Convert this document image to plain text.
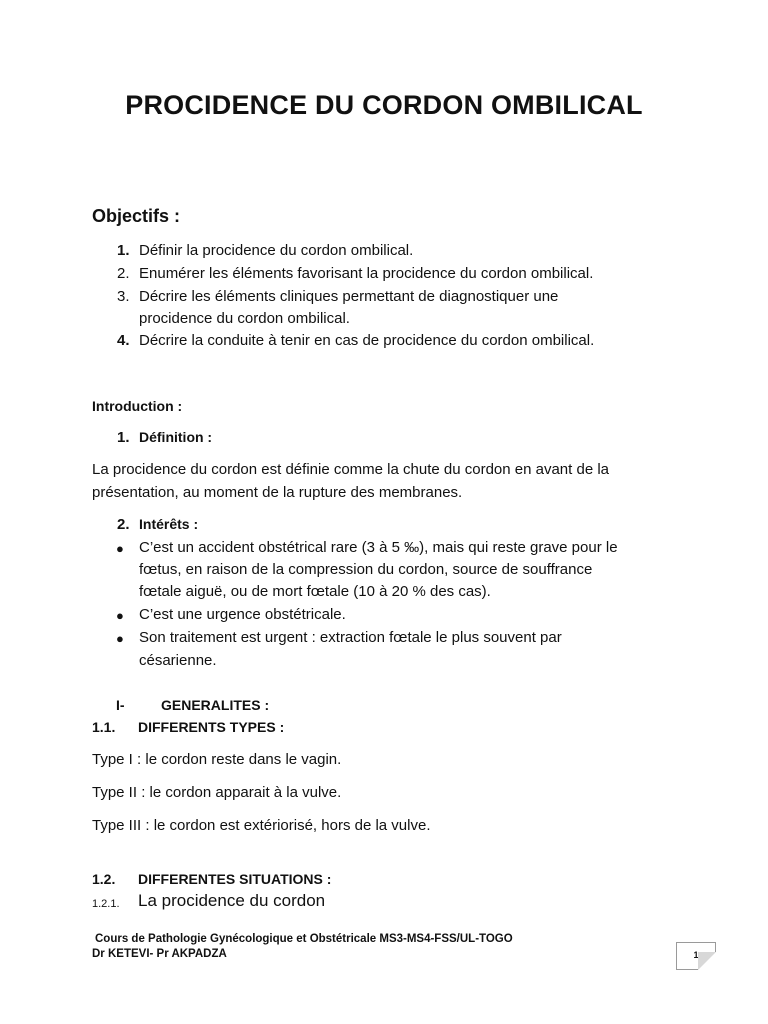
PROCIDENCE DU CORDON OMBILICAL
Objectifs :
1. Définir la procidence du cordon ombilical.
2. Enumérer les éléments favorisant la procidence du cordon ombilical.
3. Décrire les éléments cliniques permettant de diagnostiquer une
procidence du cordon ombilical.
4. Décrire la conduite à tenir en cas de procidence du cordon ombilical.
Introduction :
1. Définition :
La procidence du cordon est définie comme la chute du cordon en avant de la
présentation, au moment de la rupture des membranes.
2. Intérêts :
● C’est un accident obstétrical rare (3 à 5 ‰), mais qui reste grave pour le
fœtus, en raison de la compression du cordon, source de souffrance
fœtale aiguë, ou de mort fœtale (10 à 20 % des cas).
● C’est une urgence obstétricale.
● Son traitement est urgent : extraction fœtale le plus souvent par
césarienne.
I-	GENERALITES :
1.1. DIFFERENTS TYPES :
Type I : le cordon reste dans le vagin.
Type II : le cordon apparait à la vulve.
Type III : le cordon est extériorisé, hors de la vulve.
1.2. DIFFERENTES SITUATIONS :
1.2.1. La procidence du cordon
Cours de Pathologie Gynécologique et Obstétricale MS3-MS4-FSS/UL-TOGO
Dr KETEVI- Pr AKPADZA	1
